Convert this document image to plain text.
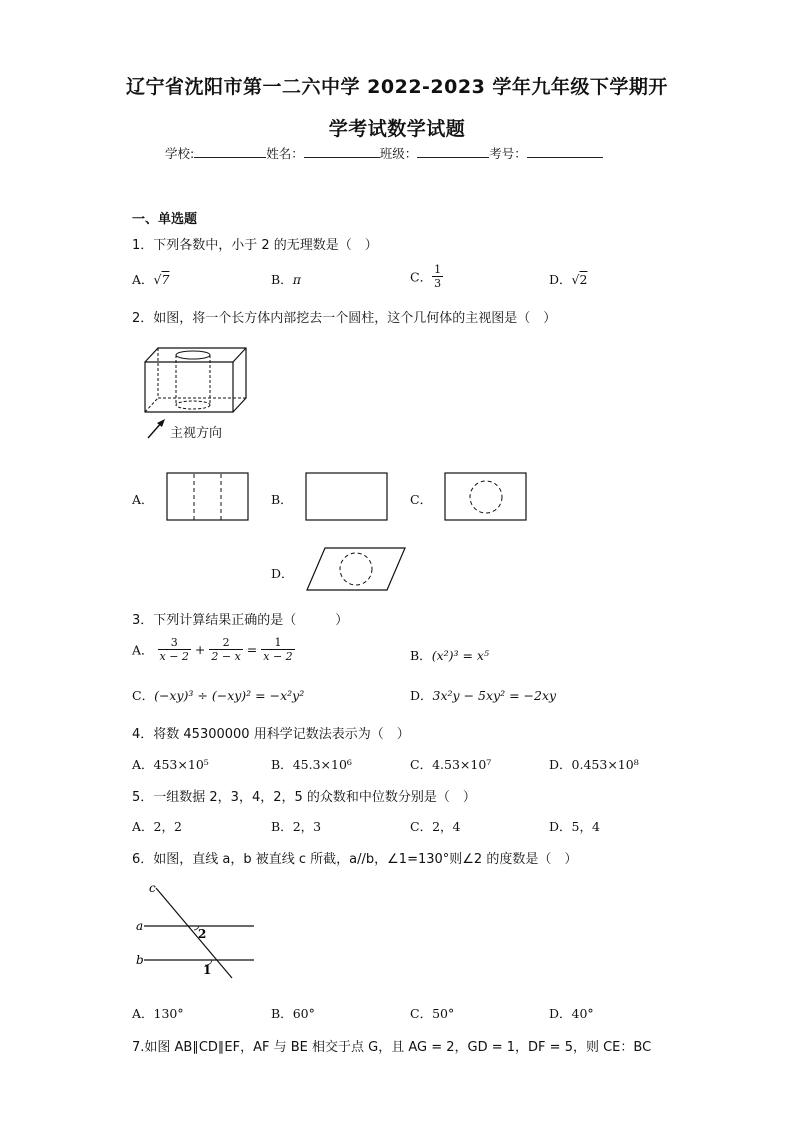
辽宁省沈阳市第一二六中学 2022-2023 学年九年级下学期开
学考试数学试题
学校:	姓名：	班级：	考号：
一、单选题
1．下列各数中，小于 2 的无理数是（　）
A．√7	B．π	C． $\frac{1}{3}$	D．√2
2．如图，将一个长方体内部挖去一个圆柱，这个几何体的主视图是（　）
主视方向
A．	B．	C．
D．
3．下列计算结果正确的是（　　　）
A． $\frac{3}{x - 2} + \frac{2}{2 - x} = \frac{1}{x - 2}$	B．(x²)³ = x⁵
C．(−xy)³ ÷ (−xy)² = −x²y²	D．3x²y − 5xy² = −2xy
4．将数 45300000 用科学记数法表示为（　）
A．453×10⁵	B．45.3×10⁶	C．4.53×10⁷	D．0.453×10⁸
5．一组数据 2，3，4，2，5 的众数和中位数分别是（　）
A．2，2	B．2，3	C．2，4	D．5，4
6．如图，直线 a，b 被直线 c 所截，a//b，∠1=130°则∠2 的度数是（　）
c
a
b
2
1
A．130°	B．60°	C．50°	D．40°
7.如图 AB∥CD∥EF，AF 与 BE 相交于点 G，且 AG = 2，GD = 1，DF = 5，则 CE：BC
